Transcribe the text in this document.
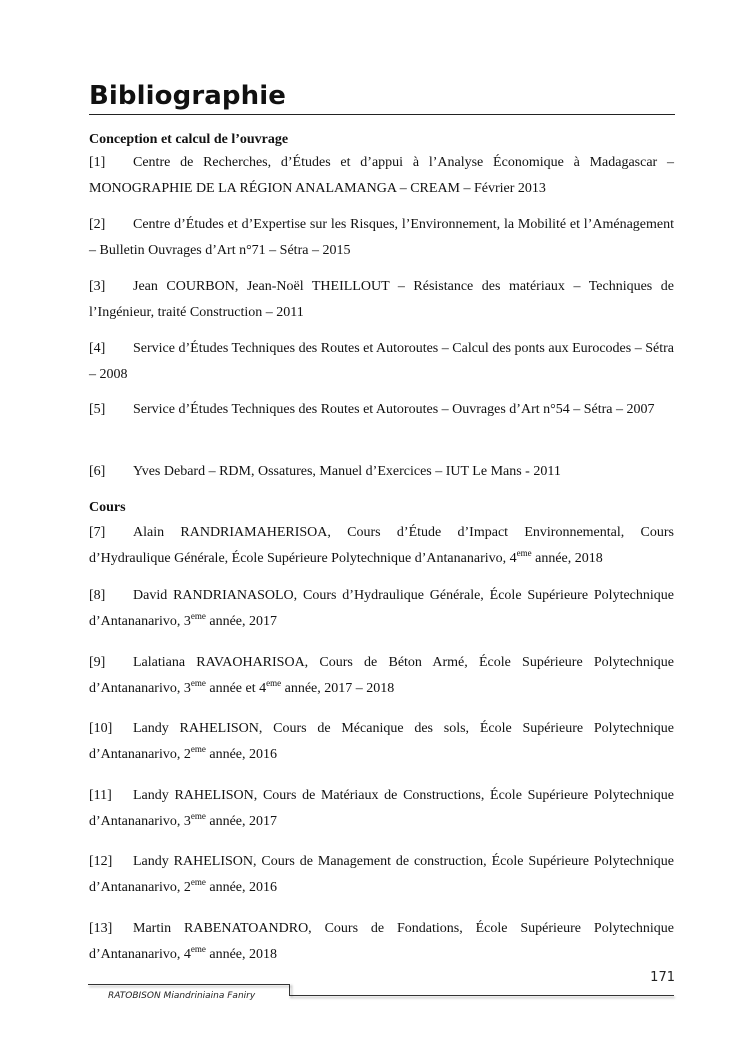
Bibliographie

Conception et calcul de l’ouvrage

[1] Centre de Recherches, d’Études et d’appui à l’Analyse Économique à Madagascar – MONOGRAPHIE DE LA RÉGION ANALAMANGA – CREAM – Février 2013

[2] Centre d’Études et d’Expertise sur les Risques, l’Environnement, la Mobilité et l’Aménagement – Bulletin Ouvrages d’Art n°71 – Sétra – 2015

[3] Jean COURBON, Jean-Noël THEILLOUT – Résistance des matériaux – Techniques de l’Ingénieur, traité Construction – 2011

[4] Service d’Études Techniques des Routes et Autoroutes – Calcul des ponts aux Eurocodes – Sétra – 2008

[5] Service d’Études Techniques des Routes et Autoroutes – Ouvrages d’Art n°54 – Sétra – 2007

[6] Yves Debard – RDM, Ossatures, Manuel d’Exercices – IUT Le Mans - 2011

Cours

[7] Alain RANDRIAMAHERISOA, Cours d’Étude d’Impact Environnemental, Cours d’Hydraulique Générale, École Supérieure Polytechnique d’Antananarivo, 4eme année, 2018

[8] David RANDRIANASOLO, Cours d’Hydraulique Générale, École Supérieure Polytechnique d’Antananarivo, 3eme année, 2017

[9] Lalatiana RAVAOHARISOA, Cours de Béton Armé, École Supérieure Polytechnique d’Antananarivo, 3eme année et 4eme année, 2017 – 2018

[10] Landy RAHELISON, Cours de Mécanique des sols, École Supérieure Polytechnique d’Antananarivo, 2eme année, 2016

[11] Landy RAHELISON, Cours de Matériaux de Constructions, École Supérieure Polytechnique d’Antananarivo, 3eme année, 2017

[12] Landy RAHELISON, Cours de Management de construction, École Supérieure Polytechnique d’Antananarivo, 2eme année, 2016

[13] Martin RABENATOANDRO, Cours de Fondations, École Supérieure Polytechnique d’Antananarivo, 4eme année, 2018

171
RATOBISON Miandriniaina Faniry
